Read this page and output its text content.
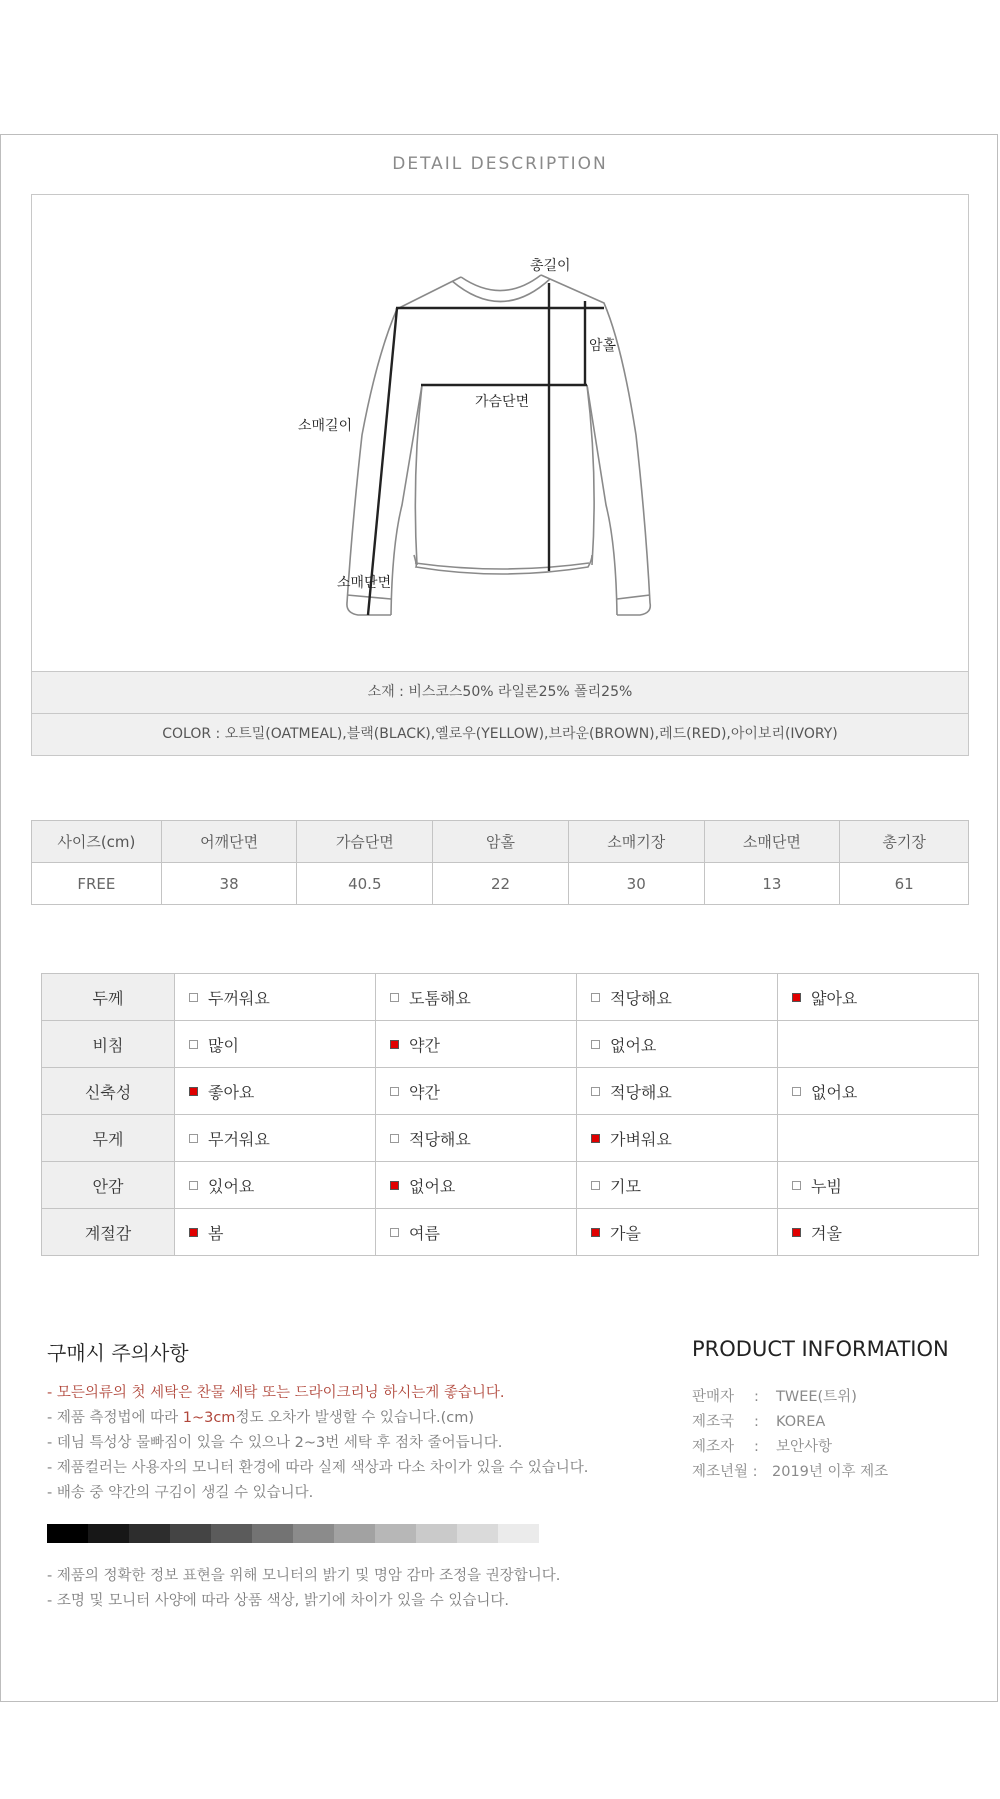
DETAIL DESCRIPTION
총길이
암홀
가슴단면
소매길이
소매단면
소재 : 비스코스50% 라일론25% 폴리25%
COLOR : 오트밀(OATMEAL),블랙(BLACK),옐로우(YELLOW),브라운(BROWN),레드(RED),아이보리(IVORY)
사이즈(cm)	어깨단면	가슴단면	암홀	소매기장	소매단면	총기장
FREE	38	40.5	22	30	13	61
두께	두꺼워요	도톰해요	적당해요	얇아요
비침	많이	약간	없어요	
신축성	좋아요	약간	적당해요	없어요
무게	무거워요	적당해요	가벼워요	
안감	있어요	없어요	기모	누빔
계절감	봄	여름	가을	겨울
구매시 주의사항
- 모든의류의 첫 세탁은 찬물 세탁 또는 드라이크리닝 하시는게 좋습니다.
- 제품 측정법에 따라 1~3cm정도 오차가 발생할 수 있습니다.(cm)
- 데님 특성상 물빠짐이 있을 수 있으나 2~3번 세탁 후 점차 줄어듭니다.
- 제품컬러는 사용자의 모니터 환경에 따라 실제 색상과 다소 차이가 있을 수 있습니다.
- 배송 중 약간의 구김이 생길 수 있습니다.
- 제품의 정확한 정보 표현을 위해 모니터의 밝기 및 명암 감마 조정을 권장합니다.
- 조명 및 모니터 사양에 따라 상품 색상, 밝기에 차이가 있을 수 있습니다.
PRODUCT INFORMATION
판매자 : TWEE(트위)
제조국 : KOREA
제조자 : 보안사항
제조년월 : 2019년 이후 제조
